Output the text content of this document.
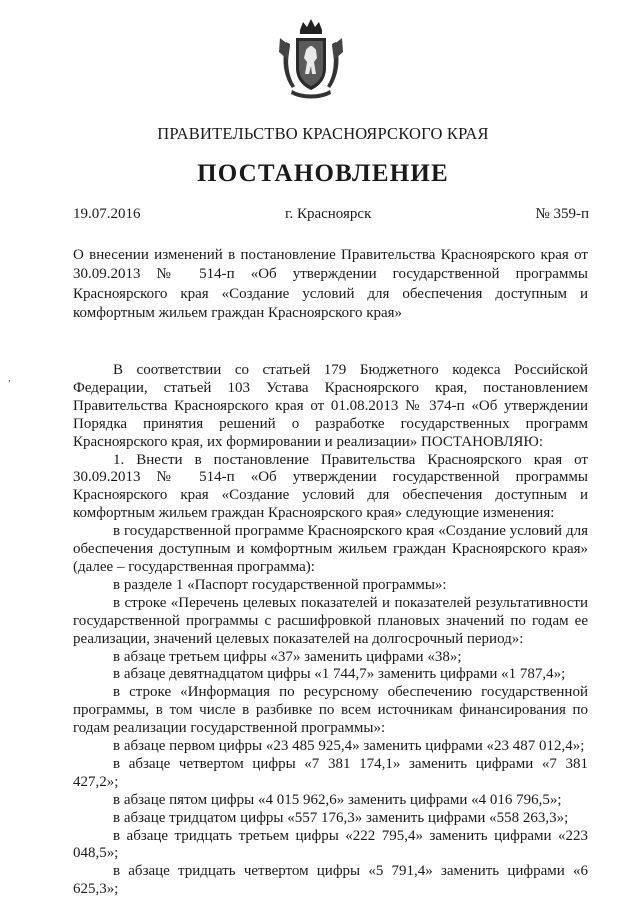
ПРАВИТЕЛЬСТВО КРАСНОЯРСКОГО КРАЯ
ПОСТАНОВЛЕНИЕ
19.07.2016	г. Красноярск	№ 359-п
О внесении изменений в постановление Правительства Красноярского края от 30.09.2013 № 514-п «Об утверждении государственной программы Красноярского края «Создание условий для обеспечения доступным и комфортным жильем граждан Красноярского края»
,	В соответствии со статьей 179 Бюджетного кодекса Российской Федерации, статьей 103 Устава Красноярского края, постановлением Правительства Красноярского края от 01.08.2013 № 374-п «Об утверждении Порядка принятия решений о разработке государственных программ Красноярского края, их формировании и реализации» ПОСТАНОВЛЯЮ:

1. Внести в постановление Правительства Красноярского края от 30.09.2013 № 514-п «Об утверждении государственной программы Красноярского края «Создание условий для обеспечения доступным и комфортным жильем граждан Красноярского края» следующие изменения:

в государственной программе Красноярского края «Создание условий для обеспечения доступным и комфортным жильем граждан Красноярского края» (далее – государственная программа):

в разделе 1 «Паспорт государственной программы»:

в строке «Перечень целевых показателей и показателей результативности государственной программы с расшифровкой плановых значений по годам ее реализации, значений целевых показателей на долгосрочный период»:

в абзаце третьем цифры «37» заменить цифрами «38»;

в абзаце девятнадцатом цифры «1 744,7» заменить цифрами «1 787,4»;

в строке «Информация по ресурсному обеспечению государственной программы, в том числе в разбивке по всем источникам финансирования по годам реализации государственной программы»:

в абзаце первом цифры «23 485 925,4» заменить цифрами «23 487 012,4»;

в абзаце четвертом цифры «7 381 174,1» заменить цифрами «7 381 427,2»;

в абзаце пятом цифры «4 015 962,6» заменить цифрами «4 016 796,5»;

в абзаце тридцатом цифры «557 176,3» заменить цифрами «558 263,3»;

в абзаце тридцать третьем цифры «222 795,4» заменить цифрами «223 048,5»;

в абзаце тридцать четвертом цифры «5 791,4» заменить цифрами «6 625,3»;
